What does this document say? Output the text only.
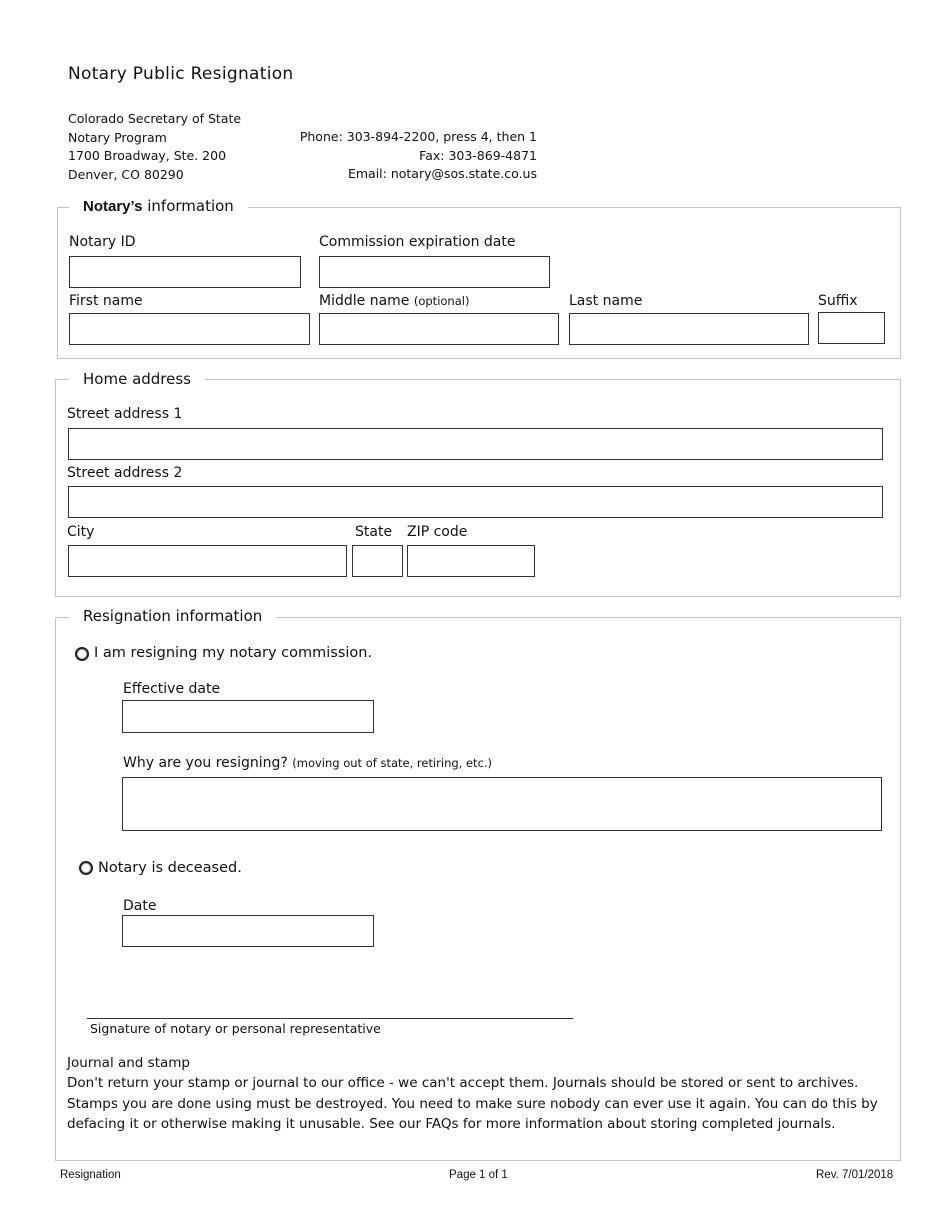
Notary Public Resignation
Colorado Secretary of State
Notary Program
1700 Broadway, Ste. 200
Denver, CO 80290
Phone: 303-894-2200, press 4, then 1
Fax: 303-869-4871
Email: notary@sos.state.co.us
Notary’s information
Notary ID	Commission expiration date
First name	Middle name (optional)	Last name	Suffix
Home address
Street address 1
Street address 2
City	State ZIP code
Resignation information
I am resigning my notary commission.
Effective date
Why are you resigning? (moving out of state, retiring, etc.)
Notary is deceased.
Date
Signature of notary or personal representative
Journal and stamp
Don't return your stamp or journal to our office - we can't accept them. Journals should be stored or sent to archives. Stamps you are done using must be destroyed. You need to make sure nobody can ever use it again. You can do this by defacing it or otherwise making it unusable. See our FAQs for more information about storing completed journals.
Resignation	Page 1 of 1	Rev. 7/01/2018
